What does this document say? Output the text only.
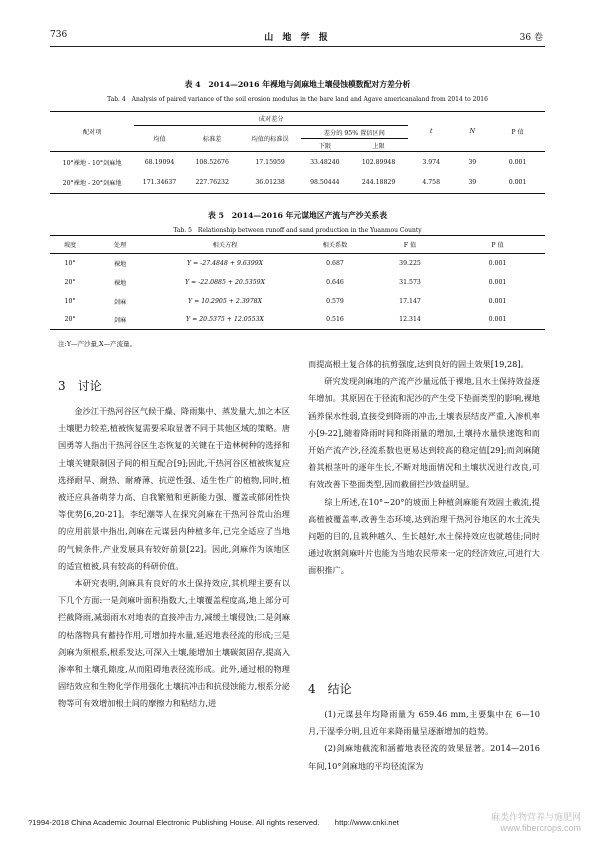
736	山 地 学 报	36 卷
表 4　2014—2016 年裸地与剑麻地土壤侵蚀模数配对方差分析
Tab. 4　Analysis of paired variance of the soil erosion modulus in the bare land and Agave americanaland from 2014 to 2016
配对项	成对差分					t	N	P 值
	均值	标准差	均值的标准误	差分的 95% 置信区间				
				下限	上限			
10°裸地 - 10°剑麻地	68.19094	108.52676	17.15959	33.48240	102.89948	3.974	39	0.001
20°裸地 - 20°剑麻地	171.34637	227.76232	36.01238	98.50444	244.18829	4.758	39	0.001
表 5　2014—2016 年元谋地区产流与产沙关系表
Tab. 5　Relationship between runoff and sand production in the Yuanmou County
坡度	处理	相关方程	相关系数	F 值	P 值
10°	裸地	Y = -27.4848 + 9.6399X	0.687	39.225	0.001
20°	裸地	Y = -22.0885 + 20.5359X	0.646	31.573	0.001
10°	剑麻	Y = 10.2905 + 2.3978X	0.579	17.147	0.001
20°	剑麻	Y = 20.5375 + 12.0553X	0.516	12.314	0.001
注:Y—产沙量,X—产流量。
3　讨论

金沙江干热河谷区气候干燥、降雨集中、蒸发量大,加之本区土壤肥力较差,植被恢复需要采取显著不同于其他区域的策略。唐国勇等人指出干热河谷区生态恢复的关键在于造林树种的选择和土壤关键限制因子间的相互配合[9];因此,干热河谷区植被恢复应选择耐旱、耐热、耐瘠薄、抗逆性强、适生性广的植物,同时,植被还应具备萌芽力高、自我繁殖和更新能力强、覆盖或郁闭性快等优势[6,20-21]。李纪潮等人在探究剑麻在干热河谷荒山治理的应用前景中指出,剑麻在元谋县内种植多年,已完全适应了当地的气候条件,产业发展具有较好前景[22]。因此,剑麻作为该地区的适宜植被,具有较高的科研价值。

本研究表明,剑麻具有良好的水土保持效应,其机理主要有以下几个方面:一是剑麻叶面积指数大,土壤覆盖程度高,地上部分可拦截降雨,减弱雨水对地表的直接冲击力,减缓土壤侵蚀;二是剑麻的枯落物具有蓄持作用,可增加持水量,延迟地表径流的形成;三是剑麻为须根系,根系发达,可深入土壤,能增加土壤碳氮固存,提高入渗率和土壤孔隙度,从而阻碍地表径流形成。此外,通过根的物理固结效应和生物化学作用强化土壤抗冲击和抗侵蚀能力,根系分泌物等可有效增加根土间的摩擦力和粘结力,进

而提高根土复合体的抗剪强度,达到良好的固土效果[19,28]。

研究发现剑麻地的产流产沙量远低于裸地,且水土保持效益逐年增加。其原因在于径流和泥沙的产生受下垫面类型的影响,裸地涵养保水性弱,直接受到降雨的冲击,土壤表层结皮严重,入渗机率小[9-22],随着降雨时间和降雨量的增加,土壤持水量快速饱和而开始产流产沙,径流系数也更易达到较高的稳定值[29];而剑麻随着其根茎叶的逐年生长,不断对地面情况和土壤状况进行改良,可有效改善下垫面类型,因而截留拦沙效益明显。

综上所述,在10°~20°的坡面上种植剑麻能有效固土截流,提高植被覆盖率,改善生态环境,达到治理干热河谷地区的水土流失问题的目的,且栽种越久、生长越好,水土保持效应也就越佳;同时通过收割剑麻叶片也能为当地农民带来一定的经济效应,可进行大面积推广。

4　结论

(1)元谋县年均降雨量为 659.46 mm,主要集中在 6—10 月,干湿季分明,且近年来降雨量呈逐渐增加的趋势。

(2)剑麻地截流和涵蓄地表径流的效果显著。2014—2016 年间,10°剑麻地的平均径流深为

?1994-2018 China Academic Journal Electronic Publishing House. All rights reserved.　　http://www.cnki.net
麻类作物营养与施肥网
www.fibercrops.com
